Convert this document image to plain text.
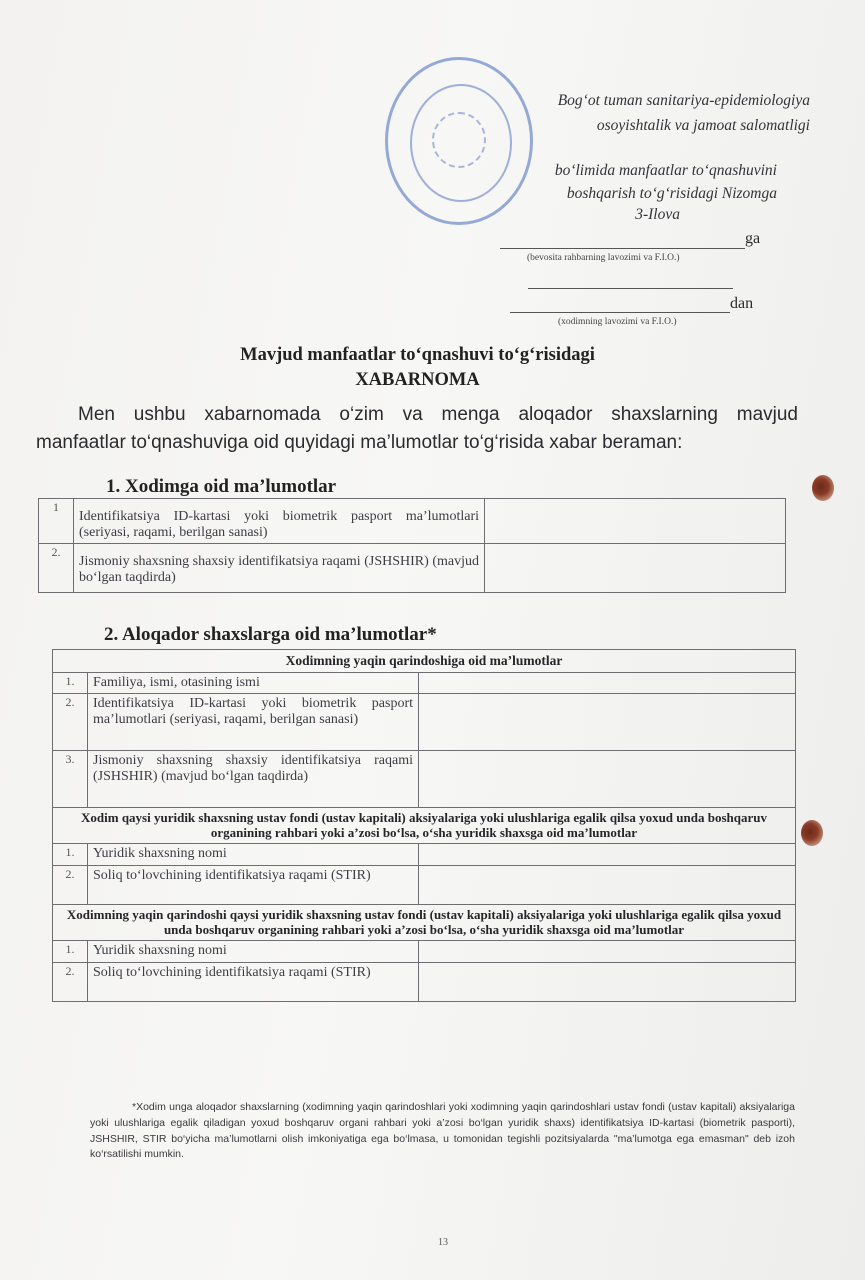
Bog‘ot tuman sanitariya-epidemiologiya
osoyishtalik va jamoat salomatligi
bo‘limida manfaatlar to‘qnashuvini
boshqarish to‘g‘risidagi Nizomga
3-Ilova
ga
(bevosita rahbarning lavozimi va F.I.O.)
dan
(xodimning lavozimi va F.I.O.)
Mavjud manfaatlar to‘qnashuvi to‘g‘risidagi
XABARNOMA
Men ushbu xabarnomada o‘zim va menga aloqador shaxslarning mavjud
manfaatlar to‘qnashuviga oid quyidagi ma’lumotlar to‘g‘risida xabar beraman:
1. Xodimga oid ma’lumotlar
1	Identifikatsiya ID-kartasi yoki biometrik pasport ma’lumotlari (seriyasi, raqami, berilgan sanasi)	
2.	Jismoniy shaxsning shaxsiy identifikatsiya raqami (JSHSHIR) (mavjud bo‘lgan taqdirda)	
2. Aloqador shaxslarga oid ma’lumotlar*
Xodimning yaqin qarindoshiga oid ma’lumotlar		
1.	Familiya, ismi, otasining ismi	
2.	Identifikatsiya ID-kartasi yoki biometrik pasport ma’lumotlari (seriyasi, raqami, berilgan sanasi)	
3.	Jismoniy shaxsning shaxsiy identifikatsiya raqami (JSHSHIR) (mavjud bo‘lgan taqdirda)	
Xodim qaysi yuridik shaxsning ustav fondi (ustav kapitali) aksiyalariga yoki ulushlariga egalik qilsa yoxud unda boshqaruv organining rahbari yoki a’zosi bo‘lsa, o‘sha yuridik shaxsga oid ma’lumotlar		
1.	Yuridik shaxsning nomi	
2.	Soliq to‘lovchining identifikatsiya raqami (STIR)	
Xodimning yaqin qarindoshi qaysi yuridik shaxsning ustav fondi (ustav kapitali) aksiyalariga yoki ulushlariga egalik qilsa yoxud unda boshqaruv organining rahbari yoki a’zosi bo‘lsa, o‘sha yuridik shaxsga oid ma’lumotlar		
1.	Yuridik shaxsning nomi	
2.	Soliq to‘lovchining identifikatsiya raqami (STIR)	
*Xodim unga aloqador shaxslarning (xodimning yaqin qarindoshlari yoki xodimning yaqin qarindoshlari ustav fondi (ustav kapitali) aksiyalariga yoki ulushlariga egalik qiladigan yoxud boshqaruv organi rahbari yoki a’zosi bo‘lgan yuridik shaxs) identifikatsiya ID-kartasi (biometrik pasporti), JSHSHIR, STIR bo‘yicha ma’lumotlarni olish imkoniyatiga ega bo‘lmasa, u tomonidan tegishli pozitsiyalarda "ma’lumotga ega emasman" deb izoh ko‘rsatilishi mumkin.
13
